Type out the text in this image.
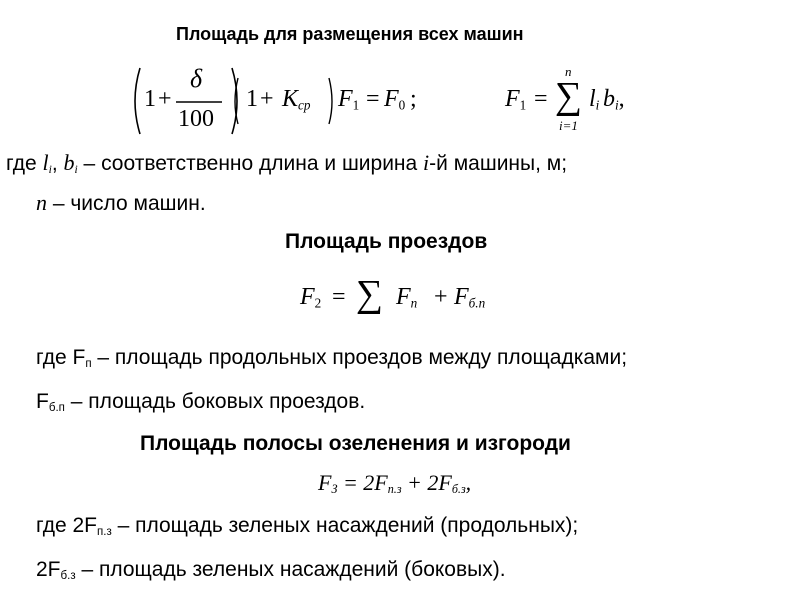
Площадь для размещения всех машин
1 +
δ
100
$1 + K_{ср}$ $F_1 = F_0$ ;	$F_1$ =
n
∑
i=1
$l_i$ $b_i$,
где $l_i$, $b_i$ – соответственно длина и ширина i-й машины, м;
n – число машин.
Площадь проездов
$F_2$ = ∑ $F_n + F_{б.п}$
где $F_п$ – площадь продольных проездов между площадками;
$F_{б.п}$ – площадь боковых проездов.
Площадь полосы озеленения и изгороди
$F_З = 2F_{п.з} + 2F_{б.з}$,
где $2F_{п.з}$ – площадь зеленых насаждений (продольных);
$2F_{б.з}$ – площадь зеленых насаждений (боковых).
